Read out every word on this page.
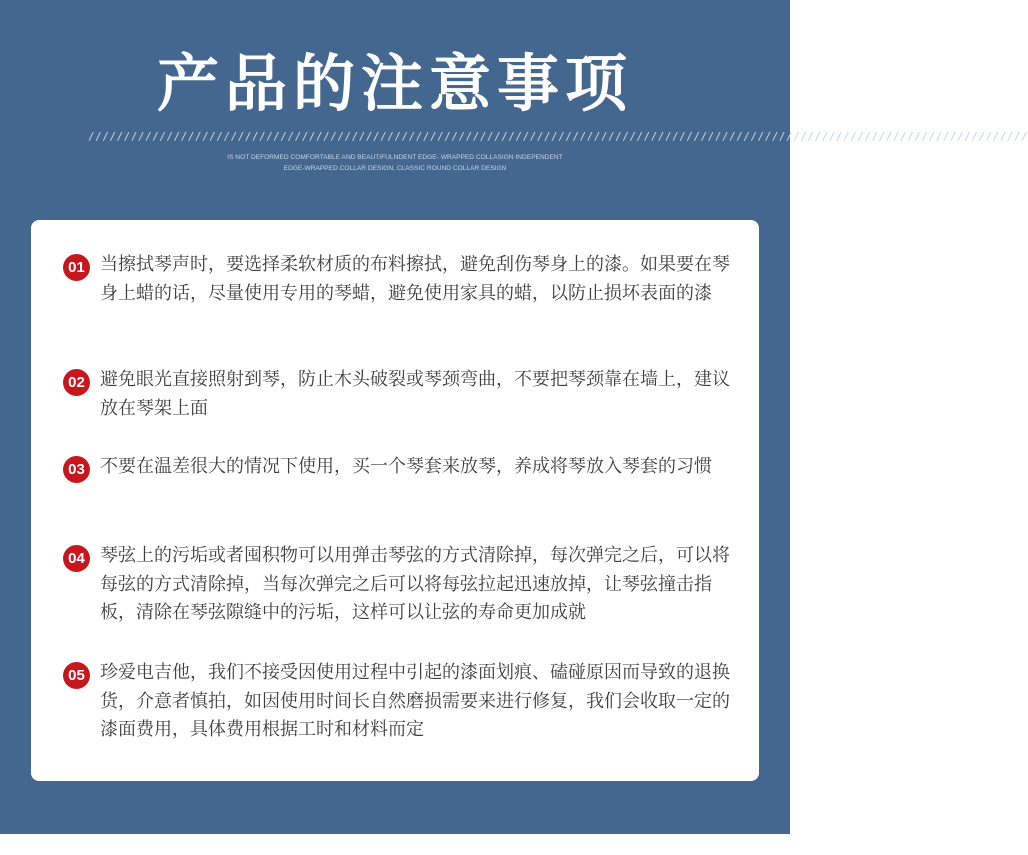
产品的注意事项
////////////////////////////////////////////////////////////////////////////////////////////////////////////////////////////////////
IS NOT DEFORMED COMFORTABLE AND BEAUTIFULNDENT EDGE- WRAPPED COLLASIGN INDEPENDENT
EDGE-WRAPPED COLLAR DESIGN, CLASSIC ROUND COLLAR DESIGN
01 当擦拭琴声时，要选择柔软材质的布料擦拭，避免刮伤琴身上的漆。如果要在琴身上蜡的话，尽量使用专用的琴蜡，避免使用家具的蜡，以防止损坏表面的漆
02 避免眼光直接照射到琴，防止木头破裂或琴颈弯曲，不要把琴颈靠在墙上，建议放在琴架上面
03 不要在温差很大的情况下使用，买一个琴套来放琴，养成将琴放入琴套的习惯
04 琴弦上的污垢或者囤积物可以用弹击琴弦的方式清除掉，每次弹完之后，可以将每弦的方式清除掉，当每次弹完之后可以将每弦拉起迅速放掉，让琴弦撞击指板，清除在琴弦隙缝中的污垢，这样可以让弦的寿命更加成就
05 珍爱电吉他，我们不接受因使用过程中引起的漆面划痕、磕碰原因而导致的退换货，介意者慎拍，如因使用时间长自然磨损需要来进行修复，我们会收取一定的漆面费用，具体费用根据工时和材料而定
